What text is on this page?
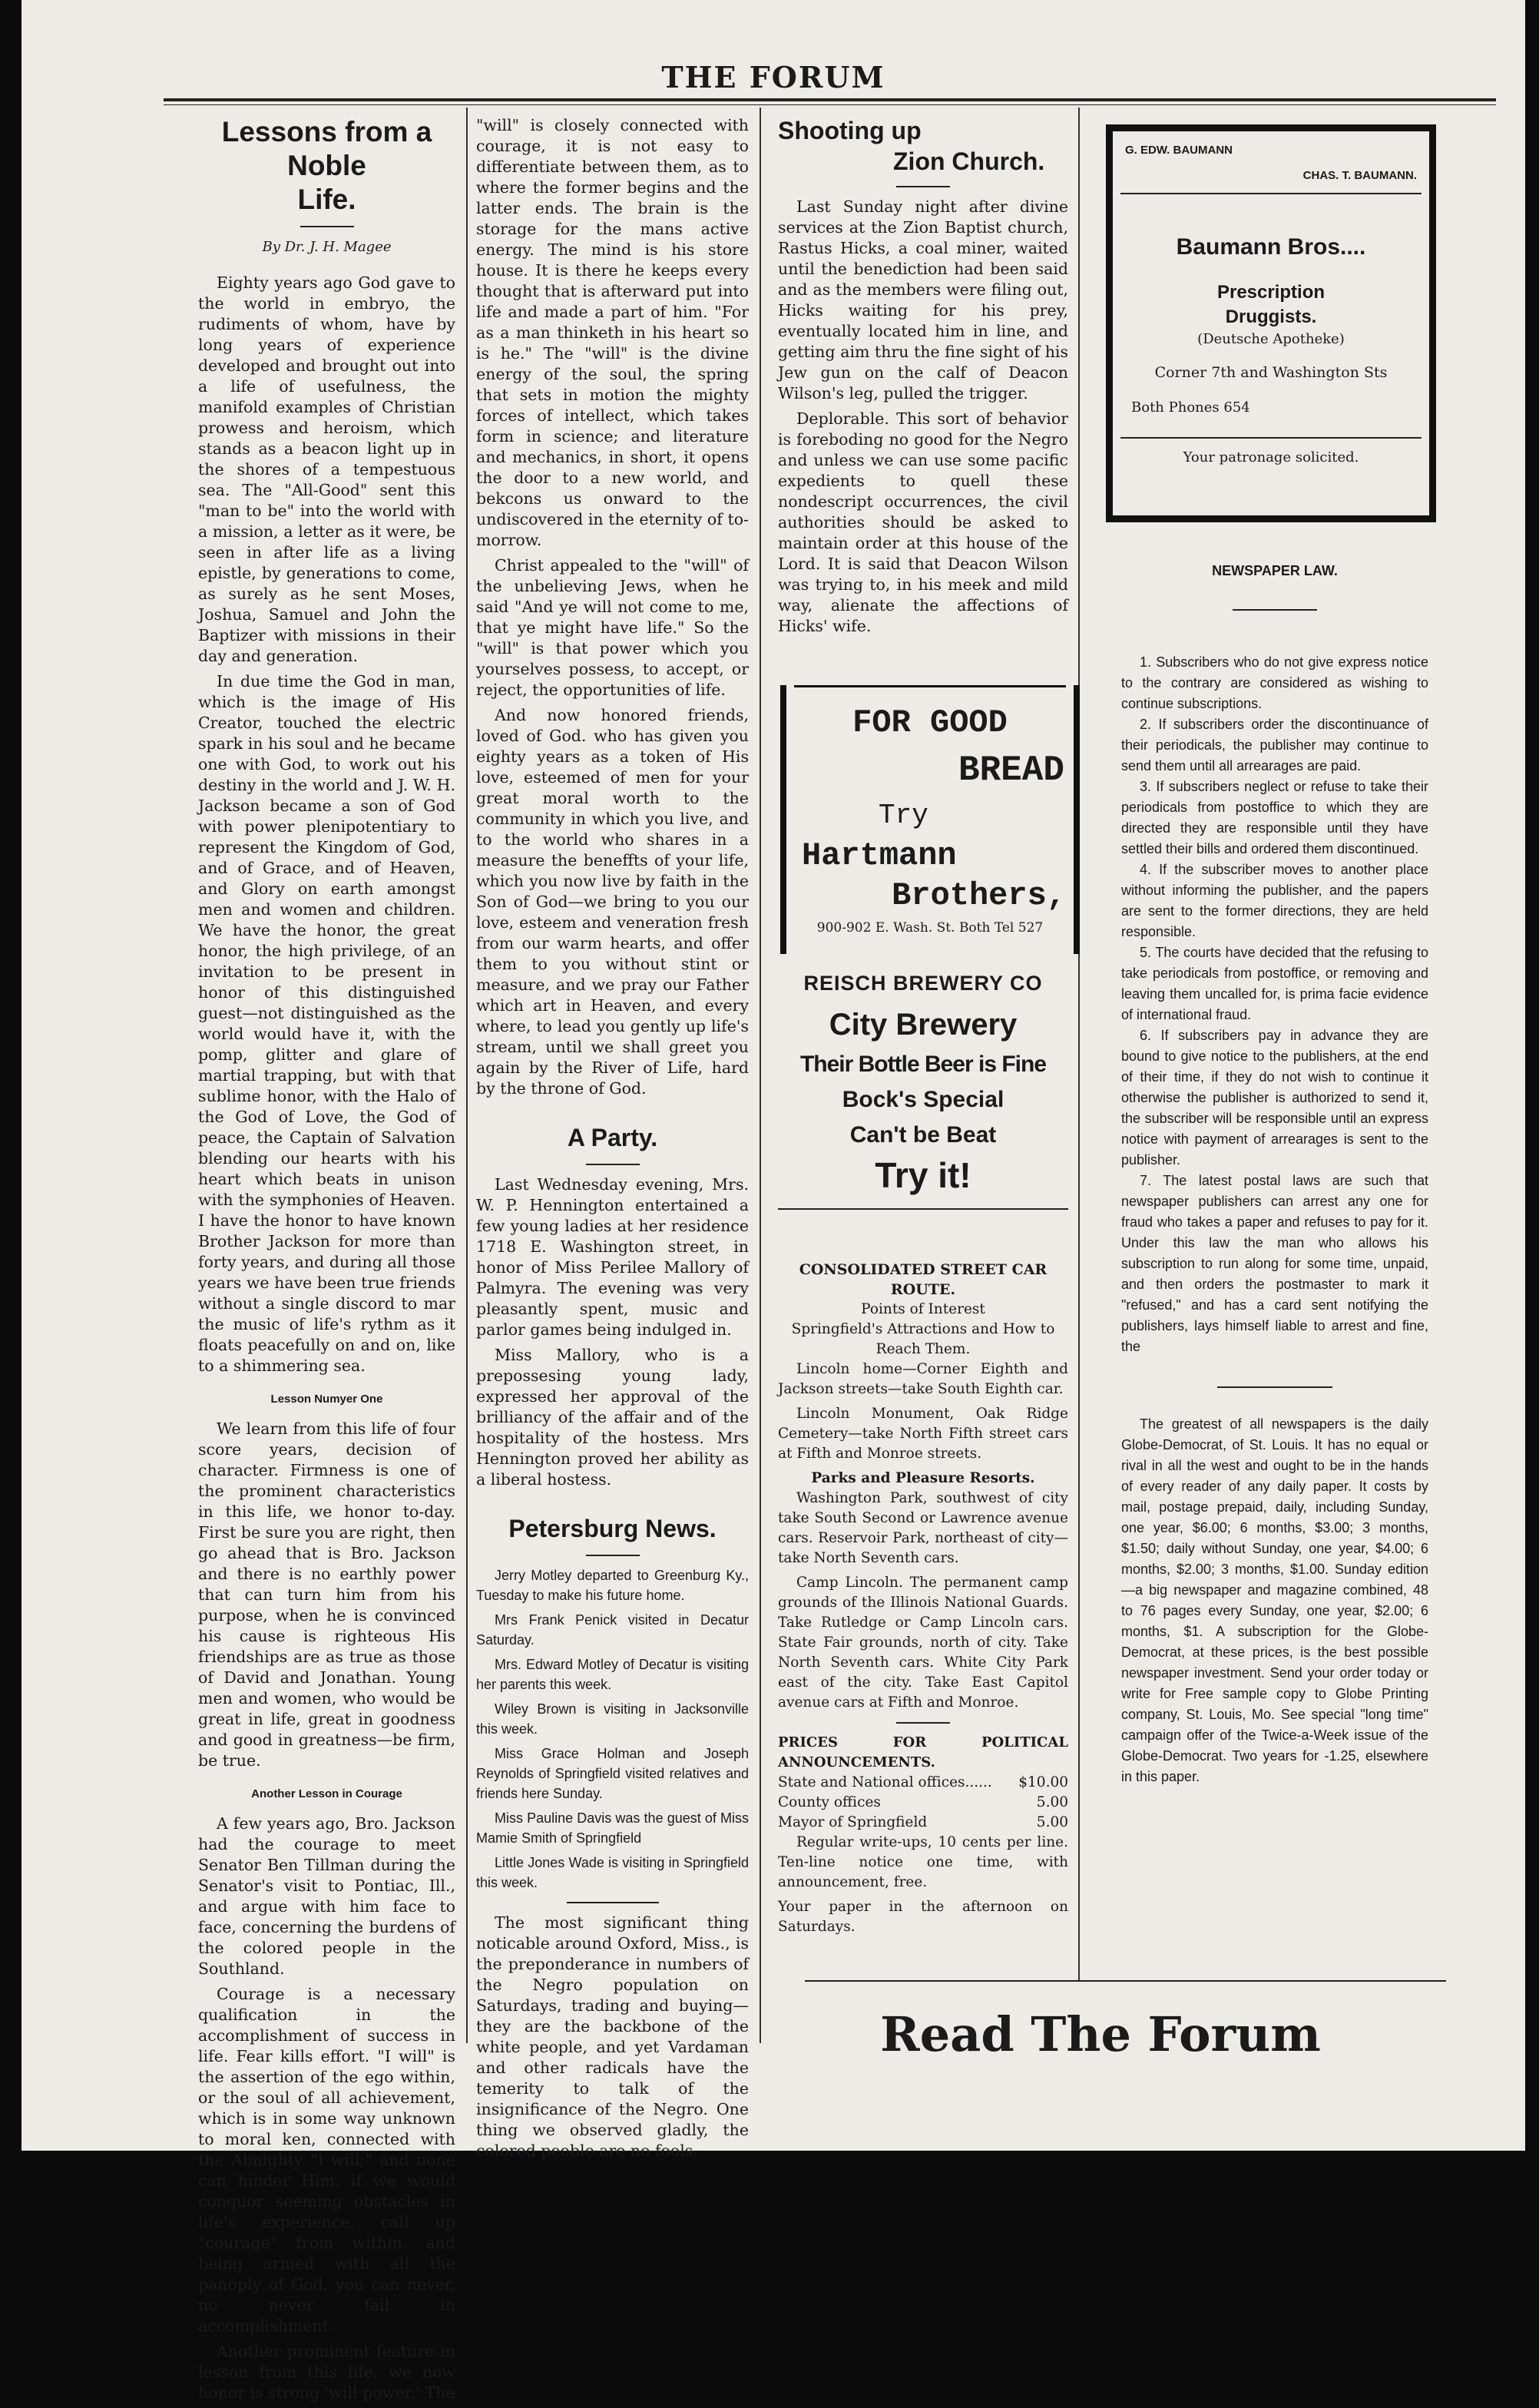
THE FORUM
Lessons from a Noble
Life.
By Dr. J. H. Magee

Eighty years ago God gave to the world in embryo, the rudiments of whom, have by long years of experience developed and brought out into a life of usefulness, the manifold examples of Christian prowess and heroism, which stands as a beacon light up in the shores of a tempestuous sea. The "All-Good" sent this "man to be" into the world with a mission, a letter as it were, be seen in after life as a living epistle, by generations to come, as surely as he sent Moses, Joshua, Samuel and John the Baptizer with missions in their day and generation.

In due time the God in man, which is the image of His Creator, touched the electric spark in his soul and he became one with God, to work out his destiny in the world and J. W. H. Jackson became a son of God with power plenipotentiary to represent the Kingdom of God, and of Grace, and of Heaven, and Glory on earth amongst men and women and children. We have the honor, the great honor, the high privilege, of an invitation to be present in honor of this distinguished guest—not distinguished as the world would have it, with the pomp, glitter and glare of martial trapping, but with that sublime honor, with the Halo of the God of Love, the God of peace, the Captain of Salvation blending our hearts with his heart which beats in unison with the symphonies of Heaven. I have the honor to have known Brother Jackson for more than forty years, and during all those years we have been true friends without a single discord to mar the music of life's rythm as it floats peacefully on and on, like to a shimmering sea.

Lesson Numyer One

We learn from this life of four score years, decision of character. Firmness is one of the prominent characteristics in this life, we honor to-day. First be sure you are right, then go ahead that is Bro. Jackson and there is no earthly power that can turn him from his purpose, when he is convinced his cause is righteous His friendships are as true as those of David and Jonathan. Young men and women, who would be great in life, great in goodness and good in greatness—be firm, be true.

Another Lesson in Courage

A few years ago, Bro. Jackson had the courage to meet Senator Ben Tillman during the Senator's visit to Pontiac, Ill., and argue with him face to face, concerning the burdens of the colored people in the Southland.

Courage is a necessary qualification in the accomplishment of success in life. Fear kills effort. "I will" is the assertion of the ego within, or the soul of all achievement, which is in some way unknown to moral ken, connected with the Almighty "I will;" and none can hinder Him. if we would conquor seeming obstacles in life's experience, call up "courage" from within, and being armed with all the panoply of God, you can never, no never fail in accomplishment.

Another prominent feature in lesson from this life, we now honor is strong 'will power.' The

"will" is closely connected with courage, it is not easy to differentiate between them, as to where the former begins and the latter ends. The brain is the storage for the mans active energy. The mind is his store house. It is there he keeps every thought that is afterward put into life and made a part of him. "For as a man thinketh in his heart so is he." The "will" is the divine energy of the soul, the spring that sets in motion the mighty forces of intellect, which takes form in science; and literature and mechanics, in short, it opens the door to a new world, and bekcons us onward to the undiscovered in the eternity of to-morrow.

Christ appealed to the "will" of the unbelieving Jews, when he said "And ye will not come to me, that ye might have life." So the "will" is that power which you yourselves possess, to accept, or reject, the opportunities of life.

And now honored friends, loved of God. who has given you eighty years as a token of His love, esteemed of men for your great moral worth to the community in which you live, and to the world who shares in a measure the beneffts of your life, which you now live by faith in the Son of God—we bring to you our love, esteem and veneration fresh from our warm hearts, and offer them to you without stint or measure, and we pray our Father which art in Heaven, and every where, to lead you gently up life's stream, until we shall greet you again by the River of Life, hard by the throne of God.

A Party.

Last Wednesday evening, Mrs. W. P. Hennington entertained a few young ladies at her residence 1718 E. Washington street, in honor of Miss Perilee Mallory of Palmyra. The evening was very pleasantly spent, music and parlor games being indulged in.

Miss Mallory, who is a prepossesing young lady, expressed her approval of the brilliancy of the affair and of the hospitality of the hostess. Mrs Hennington proved her ability as a liberal hostess.

Petersburg News.

Jerry Motley departed to Greenburg Ky., Tuesday to make his future home.

Mrs Frank Penick visited in Decatur Saturday.

Mrs. Edward Motley of Decatur is visiting her parents this week.

Wiley Brown is visiting in Jacksonville this week.

Miss Grace Holman and Joseph Reynolds of Springfield visited relatives and friends here Sunday.

Miss Pauline Davis was the guest of Miss Mamie Smith of Springfield

Little Jones Wade is visiting in Springfield this week.

The most significant thing noticable around Oxford, Miss., is the preponderance in numbers of the Negro population on Saturdays, trading and buying—they are the backbone of the white people, and yet Vardaman and other radicals have the temerity to talk of the insignificance of the Negro. One thing we observed gladly, the colored peoble are no fools.

Shooting up
Zion Church.

Last Sunday night after divine services at the Zion Baptist church, Rastus Hicks, a coal miner, waited until the benediction had been said and as the members were filing out, Hicks waiting for his prey, eventually located him in line, and getting aim thru the fine sight of his Jew gun on the calf of Deacon Wilson's leg, pulled the trigger.

Deplorable. This sort of behavior is foreboding no good for the Negro and unless we can use some pacific expedients to quell these nondescript occurrences, the civil authorities should be asked to maintain order at this house of the Lord. It is said that Deacon Wilson was trying to, in his meek and mild way, alienate the affections of Hicks' wife.

FOR GOOD
BREAD
Try
Hartmann
Brothers,
900-902 E. Wash. St. Both Tel 527
REISCH BREWERY CO
City Brewery
Their Bottle Beer is Fine
Bock's Special
Can't be Beat
Try it!
CONSOLIDATED STREET CAR ROUTE.
Points of Interest
Springfield's Attractions and How to Reach Them.

Lincoln home—Corner Eighth and Jackson streets—take South Eighth car.

Lincoln Monument, Oak Ridge Cemetery—take North Fifth street cars at Fifth and Monroe streets.

Parks and Pleasure Resorts.

Washington Park, southwest of city take South Second or Lawrence avenue cars. Reservoir Park, northeast of city—take North Seventh cars.

Camp Lincoln. The permanent camp grounds of the Illinois National Guards. Take Rutledge or Camp Lincoln cars. State Fair grounds, north of city. Take North Seventh cars. White City Park east of the city. Take East Capitol avenue cars at Fifth and Monroe.

PRICES FOR POLITICAL ANNOUNCEMENTS.
State and National offices...... $10.00
County offices	5.00
Mayor of Springfield	5.00

Regular write-ups, 10 cents per line. Ten-line notice one time, with announcement, free.

Your paper in the afternoon on Saturdays.

G. EDW. BAUMANN
CHAS. T. BAUMANN.
Baumann Bros....
Prescription
Druggists.
(Deutsche Apotheke)
Corner 7th and Washington Sts
Both Phones 654
Your patronage solicited.
NEWSPAPER LAW.

1. Subscribers who do not give express notice to the contrary are considered as wishing to continue subscriptions.

2. If subscribers order the discontinuance of their periodicals, the publisher may continue to send them until all arrearages are paid.

3. If subscribers neglect or refuse to take their periodicals from postoffice to which they are directed they are responsible until they have settled their bills and ordered them discontinued.

4. If the subscriber moves to another place without informing the publisher, and the papers are sent to the former directions, they are held responsible.

5. The courts have decided that the refusing to take periodicals from postoffice, or removing and leaving them uncalled for, is prima facie evidence of international fraud.

6. If subscribers pay in advance they are bound to give notice to the publishers, at the end of their time, if they do not wish to continue it otherwise the publisher is authorized to send it, the subscriber will be responsible until an express notice with payment of arrearages is sent to the publisher.

7. The latest postal laws are such that newspaper publishers can arrest any one for fraud who takes a paper and refuses to pay for it. Under this law the man who allows his subscription to run along for some time, unpaid, and then orders the postmaster to mark it "refused," and has a card sent notifying the publishers, lays himself liable to arrest and fine, the

The greatest of all newspapers is the daily Globe-Democrat, of St. Louis. It has no equal or rival in all the west and ought to be in the hands of every reader of any daily paper. It costs by mail, postage prepaid, daily, including Sunday, one year, $6.00; 6 months, $3.00; 3 months, $1.50; daily without Sunday, one year, $4.00; 6 months, $2.00; 3 months, $1.00. Sunday edition—a big newspaper and magazine combined, 48 to 76 pages every Sunday, one year, $2.00; 6 months, $1. A subscription for the Globe-Democrat, at these prices, is the best possible newspaper investment. Send your order today or write for Free sample copy to Globe Printing company, St. Louis, Mo. See special "long time" campaign offer of the Twice-a-Week issue of the Globe-Democrat. Two years for -1.25, elsewhere in this paper.

Read The Forum
